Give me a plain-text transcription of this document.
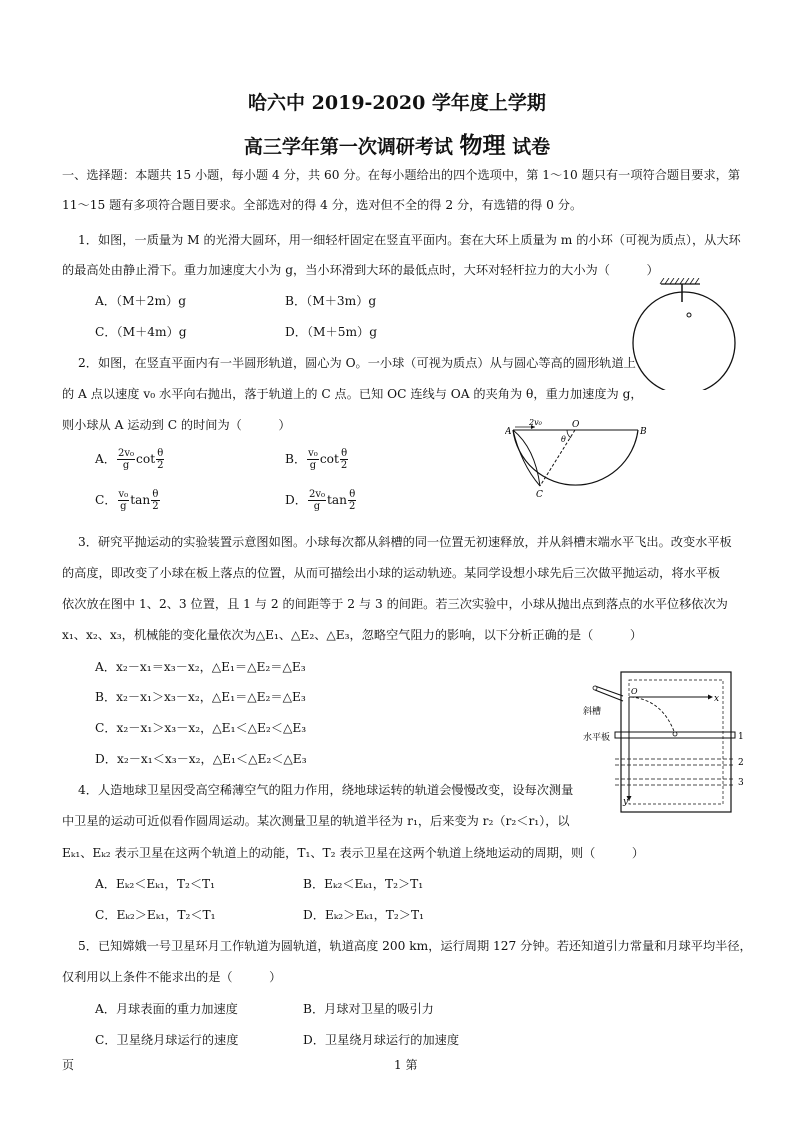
哈六中 2019-2020 学年度上学期
高三学年第一次调研考试 物理 试卷
一、选择题：本题共 15 小题，每小题 4 分，共 60 分。在每小题给出的四个选项中，第 1～10 题只有一项符合题目要求，第
11～15 题有多项符合题目要求。全部选对的得 4 分，选对但不全的得 2 分，有选错的得 0 分。
1．如图，一质量为 M 的光滑大圆环，用一细轻杆固定在竖直平面内。套在大环上质量为 m 的小环（可视为质点），从大环
的最高处由静止滑下。重力加速度大小为 g，当小环滑到大环的最低点时，大环对轻杆拉力的大小为（　　　）
A．（M＋2m）g	B．（M＋3m）g
C．（M＋4m）g	D．（M＋5m）g
2．如图，在竖直平面内有一半圆形轨道，圆心为 O。一小球（可视为质点）从与圆心等高的圆形轨道上
的 A 点以速度 v₀ 水平向右抛出，落于轨道上的 C 点。已知 OC 连线与 OA 的夹角为 θ，重力加速度为 g，
则小球从 A 运动到 C 的时间为（　　　）
A． $\frac{\text{2v₀}}{g}$ $\cot \frac{\theta}{2}$	B． $\frac{\text{v₀}}{g}$ $\cot \frac{\theta}{2}$
C． $\frac{\text{v₀}}{g}$ $\tan \frac{\theta}{2}$	D． $\frac{\text{2v₀}}{g}$ $\tan \frac{\theta}{2}$
A
O
B
C
2v₀
θ
3．研究平抛运动的实验装置示意图如图。小球每次都从斜槽的同一位置无初速释放，并从斜槽末端水平飞出。改变水平板
的高度，即改变了小球在板上落点的位置，从而可描绘出小球的运动轨迹。某同学设想小球先后三次做平抛运动，将水平板
依次放在图中 1、2、3 位置，且 1 与 2 的间距等于 2 与 3 的间距。若三次实验中，小球从抛出点到落点的水平位移依次为
x₁、x₂、x₃，机械能的变化量依次为△E₁、△E₂、△E₃，忽略空气阻力的影响，以下分析正确的是（　　　）
A．x₂－x₁＝x₃－x₂，△E₁＝△E₂＝△E₃
B．x₂－x₁＞x₃－x₂，△E₁＝△E₂＝△E₃
C．x₂－x₁＞x₃－x₂，△E₁＜△E₂＜△E₃
D．x₂－x₁＜x₃－x₂，△E₁＜△E₂＜△E₃
斜槽
水平板
O
x
y
1
2
3
4．人造地球卫星因受高空稀薄空气的阻力作用，绕地球运转的轨道会慢慢改变，设每次测量
中卫星的运动可近似看作圆周运动。某次测量卫星的轨道半径为 r₁，后来变为 r₂（r₂＜r₁），以
Eₖ₁、Eₖ₂ 表示卫星在这两个轨道上的动能，T₁、T₂ 表示卫星在这两个轨道上绕地运动的周期，则（　　　）
A．Eₖ₂＜Eₖ₁，T₂＜T₁	B．Eₖ₂＜Eₖ₁，T₂＞T₁
C．Eₖ₂＞Eₖ₁，T₂＜T₁	D．Eₖ₂＞Eₖ₁，T₂＞T₁
5．已知嫦娥一号卫星环月工作轨道为圆轨道，轨道高度 200 km，运行周期 127 分钟。若还知道引力常量和月球平均半径，
仅利用以上条件不能求出的是（　　　）
A．月球表面的重力加速度	B．月球对卫星的吸引力
C．卫星绕月球运行的速度	D．卫星绕月球运行的加速度
页	1 第
